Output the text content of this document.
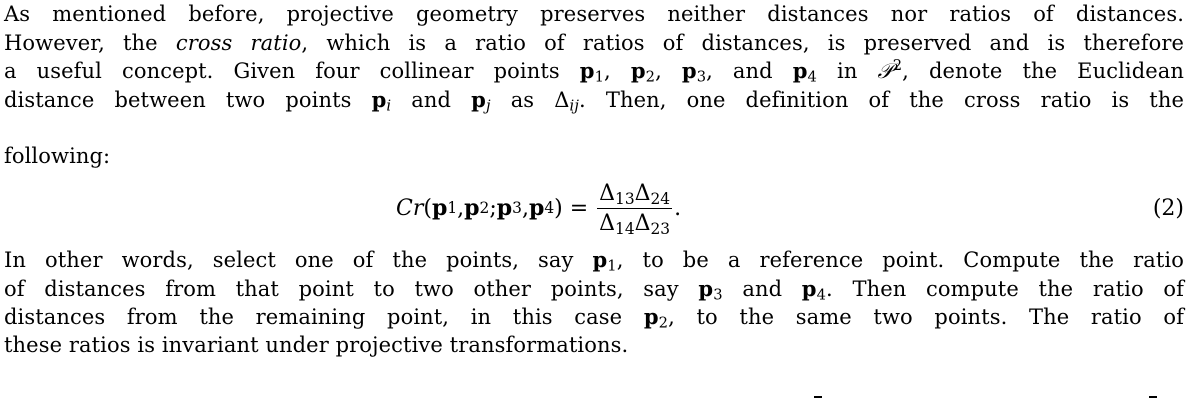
As mentioned before, projective geometry preserves neither distances nor ratios of distances.
However, the cross ratio, which is a ratio of ratios of distances, is preserved and is therefore
a useful concept. Given four collinear points $p_1$, $p_2$, $p_3$, and $p_4$ in 𝒫$^2$, denote the Euclidean
distance between two points $p_i$ and $p_j$ as $\Delta_{ij}$. Then, one definition of the cross ratio is the
following:
Cr ( p 1 , p 2 ; p 3 , p 4 ) =
$\frac{\Delta_{13}\Delta_{24}}{\Delta_{14}\Delta_{23}}$ .	(2)
In other words, select one of the points, say $p_1$, to be a reference point. Compute the ratio
of distances from that point to two other points, say $p_3$ and $p_4$. Then compute the ratio of
distances from the remaining point, in this case $p_2$, to the same two points. The ratio of
these ratios is invariant under projective transformations.
